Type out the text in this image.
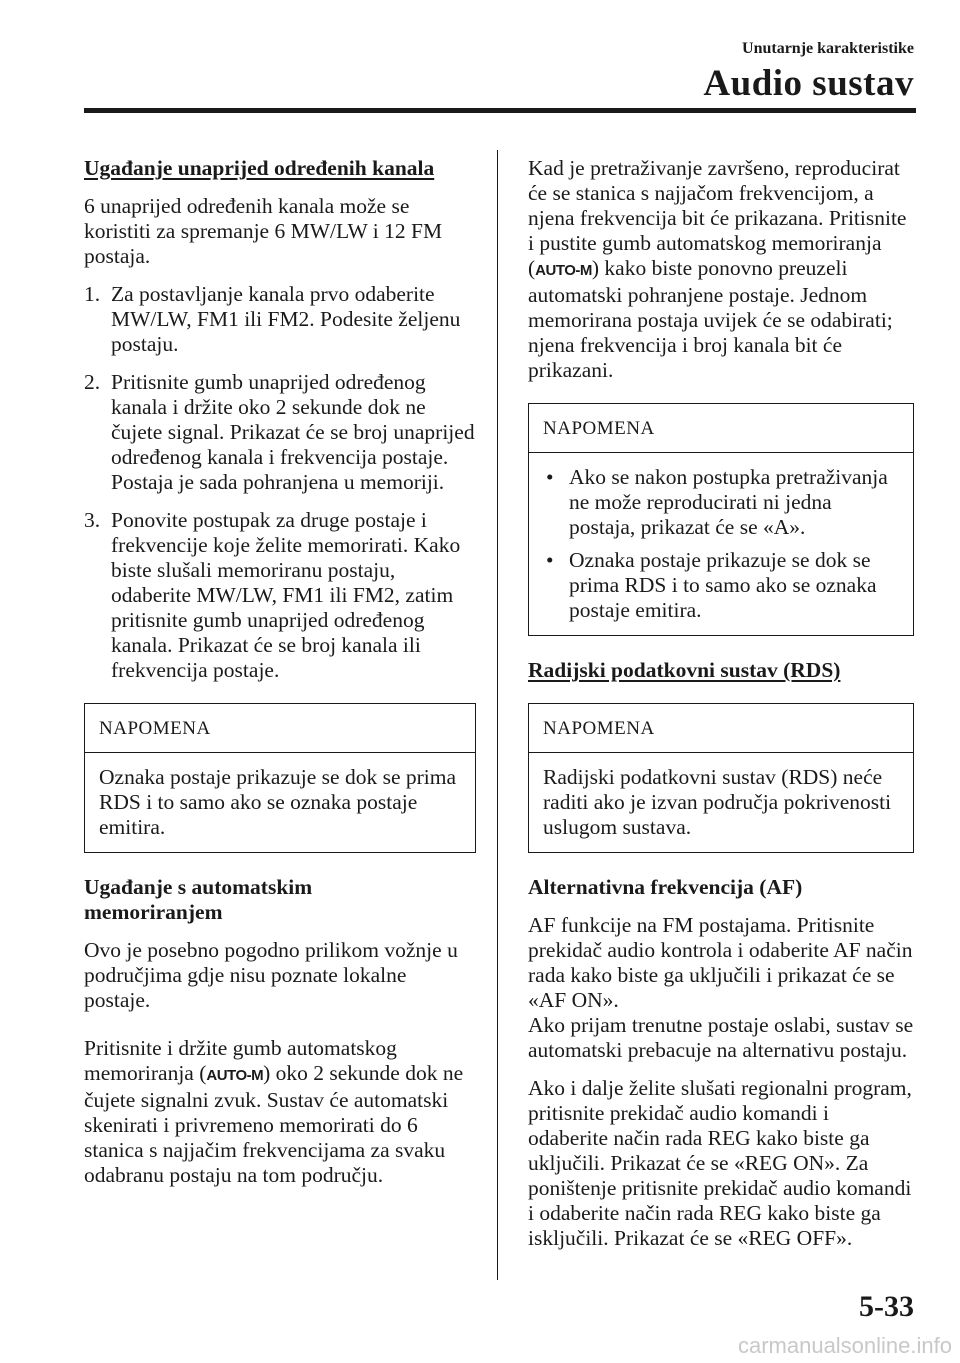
Unutarnje karakteristike
Audio sustav
Ugađanje unaprijed određenih kanala

6 unaprijed određenih kanala može se koristiti za spremanje 6 MW/LW i 12 FM postaja.

1. Za postavljanje kanala prvo odaberite MW/LW, FM1 ili FM2. Podesite željenu postaju.
2. Pritisnite gumb unaprijed određenog kanala i držite oko 2 sekunde dok ne čujete signal. Prikazat će se broj unaprijed određenog kanala i frekvencija postaje. Postaja je sada pohranjena u memoriji.
3. Ponovite postupak za druge postaje i frekvencije koje želite memorirati. Kako biste slušali memoriranu postaju, odaberite MW/LW, FM1 ili FM2, zatim pritisnite gumb unaprijed određenog kanala. Prikazat će se broj kanala ili frekvencija postaje.
NAPOMENA

Oznaka postaje prikazuje se dok se prima RDS i to samo ako se oznaka postaje emitira.

Ugađanje s automatskim
memoriranjem

Ovo je posebno pogodno prilikom vožnje u područjima gdje nisu poznate lokalne postaje.

Pritisnite i držite gumb automatskog memoriranja (AUTO-M) oko 2 sekunde dok ne čujete signalni zvuk. Sustav će automatski skenirati i privremeno memorirati do 6 stanica s najjačim frekvencijama za svaku odabranu postaju na tom području.

Kad je pretraživanje završeno, reproducirat će se stanica s najjačom frekvencijom, a njena frekvencija bit će prikazana. Pritisnite i pustite gumb automatskog memoriranja (AUTO-M) kako biste ponovno preuzeli automatski pohranjene postaje. Jednom memorirana postaja uvijek će se odabirati; njena frekvencija i broj kanala bit će prikazani.

NAPOMENA
• Ako se nakon postupka pretraživanja ne može reproducirati ni jedna postaja, prikazat će se «A».
• Oznaka postaje prikazuje se dok se prima RDS i to samo ako se oznaka postaje emitira.
Radijski podatkovni sustav (RDS)
NAPOMENA

Radijski podatkovni sustav (RDS) neće raditi ako je izvan područja pokrivenosti uslugom sustava.

Alternativna frekvencija (AF)

AF funkcije na FM postajama. Pritisnite prekidač audio kontrola i odaberite AF način rada kako biste ga uključili i prikazat će se «AF ON».

Ako prijam trenutne postaje oslabi, sustav se automatski prebacuje na alternativu postaju.

Ako i dalje želite slušati regionalni program, pritisnite prekidač audio komandi i odaberite način rada REG kako biste ga uključili. Prikazat će se «REG ON». Za poništenje pritisnite prekidač audio komandi i odaberite način rada REG kako biste ga isključili. Prikazat će se «REG OFF».

5-33
carmanualsonline.info
